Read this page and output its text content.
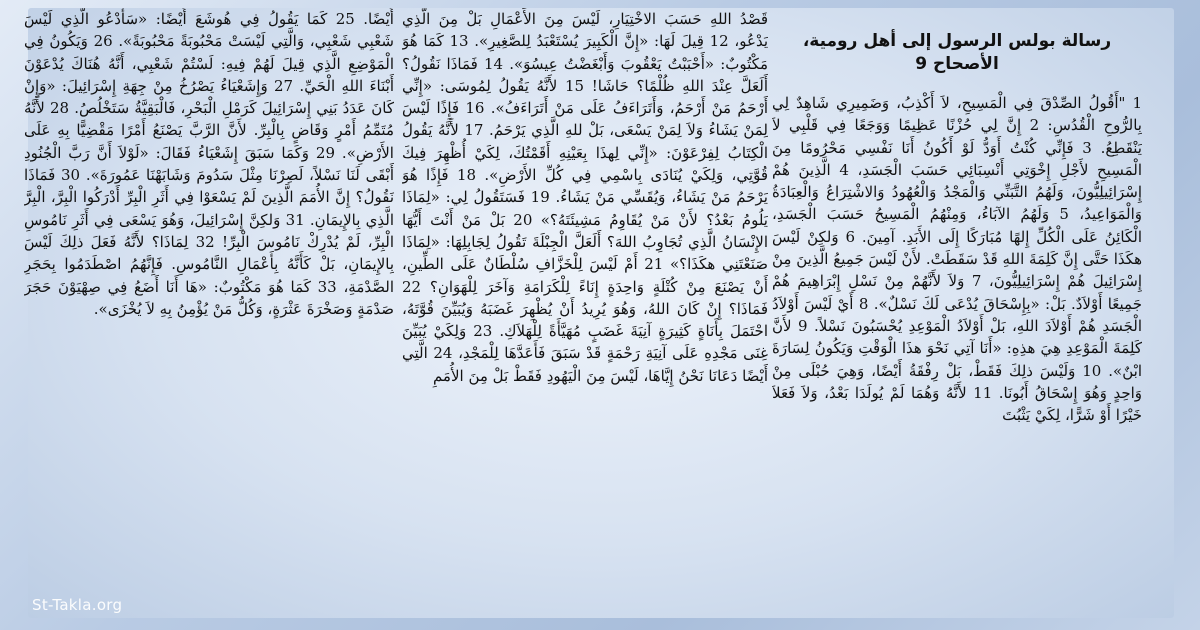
رسالة بولس الرسول إلى أهل رومية، الأصحاح 9
1 "أَقُولُ الصِّدْقَ فِي الْمَسِيحِ، لاَ أَكْذِبُ، وَضَمِيرِي شَاهِدٌ لِي بِالرُّوحِ الْقُدُسِ: 2 إِنَّ لِي حُزْنًا عَظِيمًا وَوَجَعًا فِي قَلْبِي لاَ يَنْقَطِعُ. 3 فَإِنِّي كُنْتُ أَوَدُّ لَوْ أَكُونُ أَنَا نَفْسِي مَحْرُومًا مِنَ الْمَسِيحِ لأَجْلِ إِخْوَتِي أَنْسِبَائِي حَسَبَ الْجَسَدِ، 4 الَّذِينَ هُمْ إِسْرَائِيلِيُّونَ، وَلَهُمُ التَّبَنِّي وَالْمَجْدُ وَالْعُهُودُ وَالاشْتِرَاعُ وَالْعِبَادَةُ وَالْمَوَاعِيدُ، 5 وَلَهُمُ الآبَاءُ، وَمِنْهُمُ الْمَسِيحُ حَسَبَ الْجَسَدِ، الْكَائِنُ عَلَى الْكُلِّ إِلهًا مُبَارَكًا إِلَى الأَبَدِ. آمِينَ. 6 وَلكِنْ لَيْسَ هكَذَا حَتَّى إِنَّ كَلِمَةَ اللهِ قَدْ سَقَطَتْ. لأَنْ لَيْسَ جَمِيعُ الَّذِينَ مِنْ إِسْرَائِيلَ هُمْ إِسْرَائِيلِيُّونَ، 7 وَلاَ لأَنَّهُمْ مِنْ نَسْلِ إِبْرَاهِيمَ هُمْ جَمِيعًا أَوْلاَدٌ. بَلْ: «بِإِسْحَاقَ يُدْعَى لَكَ نَسْلٌ». 8 أَيْ لَيْسَ أَوْلاَدُ الْجَسَدِ هُمْ أَوْلاَدَ اللهِ، بَلْ أَوْلاَدُ الْمَوْعِدِ يُحْسَبُونَ نَسْلاً. 9 لأَنَّ كَلِمَةَ الْمَوْعِدِ هِيَ هذِهِ: «أَنَا آتِي نَحْوَ هذَا الْوَقْتِ وَيَكُونُ لِسَارَةَ ابْنٌ». 10 وَلَيْسَ ذلِكَ فَقَطْ، بَلْ رِفْقَةُ أَيْضًا، وَهِيَ حُبْلَى مِنْ وَاحِدٍ وَهُوَ إِسْحَاقُ أَبُونَا. 11 لأَنَّهُ وَهُمَا لَمْ يُولَدَا بَعْدُ، وَلاَ فَعَلاَ خَيْرًا أَوْ شَرًّا، لِكَيْ يَثْبُتَ
قَصْدُ اللهِ حَسَبَ الاخْتِيَارِ، لَيْسَ مِنَ الأَعْمَالِ بَلْ مِنَ الَّذِي يَدْعُو، 12 قِيلَ لَهَا: «إِنَّ الْكَبِيرَ يُسْتَعْبَدُ لِلصَّغِيرِ». 13 كَمَا هُوَ مَكْتُوبٌ: «أَحْبَبْتُ يَعْقُوبَ وَأَبْغَضْتُ عِيسُوَ». 14 فَمَاذَا نَقُولُ؟ أَلَعَلَّ عِنْدَ اللهِ ظُلْمًا؟ حَاشَا! 15 لأَنَّهُ يَقُولُ لِمُوسَى: «إِنِّي أَرْحَمُ مَنْ أَرْحَمُ، وَأَتَرَاءَفُ عَلَى مَنْ أَتَرَاءَفُ». 16 فَإِذًا لَيْسَ لِمَنْ يَشَاءُ وَلاَ لِمَنْ يَسْعَى، بَلْ للهِ الَّذِي يَرْحَمُ. 17 لأَنَّهُ يَقُولُ الْكِتَابُ لِفِرْعَوْنَ: «إِنِّي لِهذَا بِعَيْنِهِ أَقَمْتُكَ، لِكَيْ أُظْهِرَ فِيكَ قُوَّتِي، وَلِكَيْ يُنَادَى بِاسْمِي فِي كُلِّ الأَرْضِ». 18 فَإِذًا هُوَ يَرْحَمُ مَنْ يَشَاءُ، وَيُقَسِّي مَنْ يَشَاءُ. 19 فَسَتَقُولُ لِي: «لِمَاذَا يَلُومُ بَعْدُ؟ لأَنْ مَنْ يُقَاوِمُ مَشِيئَتَهُ؟» 20 بَلْ مَنْ أَنْتَ أَيُّهَا الإِنْسَانُ الَّذِي تُجَاوِبُ اللهَ؟ أَلَعَلَّ الْجِبْلَةَ تَقُولُ لِجَابِلِهَا: «لِمَاذَا صَنَعْتَنِي هكَذَا؟» 21 أَمْ لَيْسَ لِلْخَزَّافِ سُلْطَانٌ عَلَى الطِّينِ، أَنْ يَصْنَعَ مِنْ كُتْلَةٍ وَاحِدَةٍ إِنَاءً لِلْكَرَامَةِ وَآخَرَ لِلْهَوَانِ؟ 22 فَمَاذَا؟ إِنْ كَانَ اللهُ، وَهُوَ يُرِيدُ أَنْ يُظْهِرَ غَضَبَهُ وَيُبَيِّنَ قُوَّتَهُ، احْتَمَلَ بِأَنَاةٍ كَثِيرَةٍ آنِيَةَ غَضَبٍ مُهَيَّأَةً لِلْهَلاَكِ. 23 وَلِكَيْ يُبَيِّنَ غِنَى مَجْدِهِ عَلَى آنِيَةِ رَحْمَةٍ قَدْ سَبَقَ فَأَعَدَّهَا لِلْمَجْدِ، 24 الَّتِي أَيْضًا دَعَانَا نَحْنُ إِيَّاهَا، لَيْسَ مِنَ الْيَهُودِ فَقَطْ بَلْ مِنَ الأُمَمِ
أَيْضًا. 25 كَمَا يَقُولُ فِي هُوشَعَ أَيْضًا: «سَأَدْعُو الَّذِي لَيْسَ شَعْبِي شَعْبِي، وَالَّتِي لَيْسَتْ مَحْبُوبَةً مَحْبُوبَةً». 26 وَيَكُونُ فِي الْمَوْضِعِ الَّذِي قِيلَ لَهُمْ فِيهِ: لَسْتُمْ شَعْبِي، أَنَّهُ هُنَاكَ يُدْعَوْنَ أَبْنَاءَ اللهِ الْحَيِّ. 27 وَإِشَعْيَاءُ يَصْرُخُ مِنْ جِهَةِ إِسْرَائِيلَ: «وَإِنْ كَانَ عَدَدُ بَنِي إِسْرَائِيلَ كَرَمْلِ الْبَحْرِ، فَالْبَقِيَّةُ سَتَخْلُصُ. 28 لأَنَّهُ مُتَمِّمُ أَمْرٍ وَقَاضٍ بِالْبِرِّ. لأَنَّ الرَّبَّ يَصْنَعُ أَمْرًا مَقْضِيًّا بِهِ عَلَى الأَرْضِ». 29 وَكَمَا سَبَقَ إِشَعْيَاءُ فَقَالَ: «لَوْلاَ أَنَّ رَبَّ الْجُنُودِ أَبْقَى لَنَا نَسْلاً، لَصِرْنَا مِثْلَ سَدُومَ وَشَابَهْنَا عَمُورَةَ». 30 فَمَاذَا نَقُولُ؟ إِنَّ الأُمَمَ الَّذِينَ لَمْ يَسْعَوْا فِي أَثَرِ الْبِرِّ أَدْرَكُوا الْبِرَّ، الْبِرَّ الَّذِي بِالإِيمَانِ. 31 وَلكِنَّ إِسْرَائِيلَ، وَهُوَ يَسْعَى فِي أَثَرِ نَامُوسِ الْبِرِّ، لَمْ يُدْرِكْ نَامُوسَ الْبِرِّ! 32 لِمَاذَا؟ لأَنَّهُ فَعَلَ ذلِكَ لَيْسَ بِالإِيمَانِ، بَلْ كَأَنَّهُ بِأَعْمَالِ النَّامُوسِ. فَإِنَّهُمُ اصْطَدَمُوا بِحَجَرِ الصَّدْمَةِ، 33 كَمَا هُوَ مَكْتُوبٌ: «هَا أَنَا أَضَعُ فِي صِهْيَوْنَ حَجَرَ صَدْمَةٍ وَصَخْرَةَ عَثْرَةٍ، وَكُلُّ مَنْ يُؤْمِنُ بِهِ لاَ يُخْزَى».
St-Takla.org
